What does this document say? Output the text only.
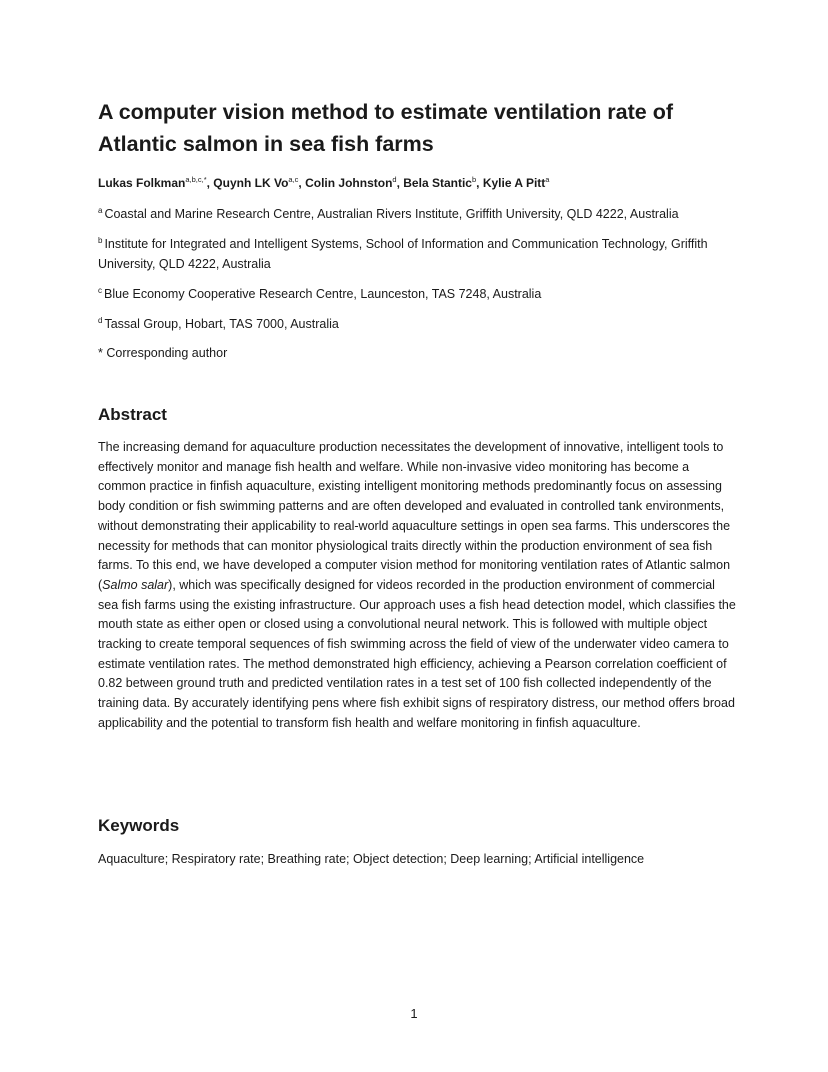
A computer vision method to estimate ventilation rate of Atlantic salmon in sea fish farms
Lukas Folkman$^{a,b,c,*}$, Quynh LK Vo$^{a,c}$, Colin Johnston$^d$, Bela Stantic$^b$, Kylie A Pitt$^a$
$^a$ Coastal and Marine Research Centre, Australian Rivers Institute, Griffith University, QLD 4222, Australia
$^b$ Institute for Integrated and Intelligent Systems, School of Information and Communication Technology, Griffith University, QLD 4222, Australia
$^c$ Blue Economy Cooperative Research Centre, Launceston, TAS 7248, Australia
$^d$ Tassal Group, Hobart, TAS 7000, Australia
* Corresponding author
Abstract

The increasing demand for aquaculture production necessitates the development of innovative, intelligent tools to effectively monitor and manage fish health and welfare. While non-invasive video monitoring has become a common practice in finfish aquaculture, existing intelligent monitoring methods predominantly focus on assessing body condition or fish swimming patterns and are often developed and evaluated in controlled tank environments, without demonstrating their applicability to real-world aquaculture settings in open sea farms. This underscores the necessity for methods that can monitor physiological traits directly within the production environment of sea fish farms. To this end, we have developed a computer vision method for monitoring ventilation rates of Atlantic salmon (Salmo salar), which was specifically designed for videos recorded in the production environment of commercial sea fish farms using the existing infrastructure. Our approach uses a fish head detection model, which classifies the mouth state as either open or closed using a convolutional neural network. This is followed with multiple object tracking to create temporal sequences of fish swimming across the field of view of the underwater video camera to estimate ventilation rates. The method demonstrated high efficiency, achieving a Pearson correlation coefficient of 0.82 between ground truth and predicted ventilation rates in a test set of 100 fish collected independently of the training data. By accurately identifying pens where fish exhibit signs of respiratory distress, our method offers broad applicability and the potential to transform fish health and welfare monitoring in finfish aquaculture.

Keywords

Aquaculture; Respiratory rate; Breathing rate; Object detection; Deep learning; Artificial intelligence

1
